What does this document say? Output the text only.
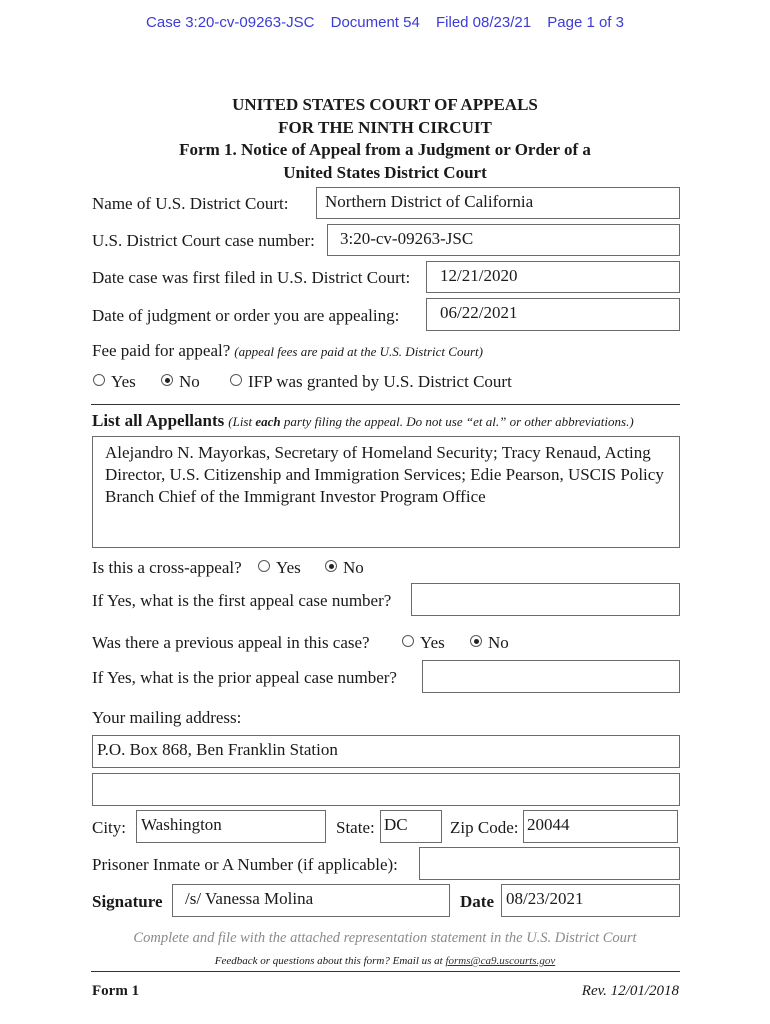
Case 3:20-cv-09263-JSC Document 54 Filed 08/23/21 Page 1 of 3
UNITED STATES COURT OF APPEALS
FOR THE NINTH CIRCUIT
Form 1. Notice of Appeal from a Judgment or Order of a
United States District Court
Name of U.S. District Court:	Northern District of California
U.S. District Court case number:	3:20-cv-09263-JSC
Date case was first filed in U.S. District Court:	12/21/2020
Date of judgment or order you are appealing:	06/22/2021
Fee paid for appeal? (appeal fees are paid at the U.S. District Court)
Yes	No	IFP was granted by U.S. District Court
List all Appellants (List each party filing the appeal. Do not use “et al.” or other abbreviations.)
Alejandro N. Mayorkas, Secretary of Homeland Security; Tracy Renaud, Acting Director, U.S. Citizenship and Immigration Services; Edie Pearson, USCIS Policy Branch Chief of the Immigrant Investor Program Office
Is this a cross-appeal?	Yes	No
If Yes, what is the first appeal case number?
Was there a previous appeal in this case?	Yes	No
If Yes, what is the prior appeal case number?
Your mailing address:
P.O. Box 868, Ben Franklin Station
City: Washington	State: DC	Zip Code: 20044
Prisoner Inmate or A Number (if applicable):
Signature	/s/ Vanessa Molina	Date 08/23/2021
Complete and file with the attached representation statement in the U.S. District Court
Feedback or questions about this form? Email us at forms@ca9.uscourts.gov
Form 1	Rev. 12/01/2018
